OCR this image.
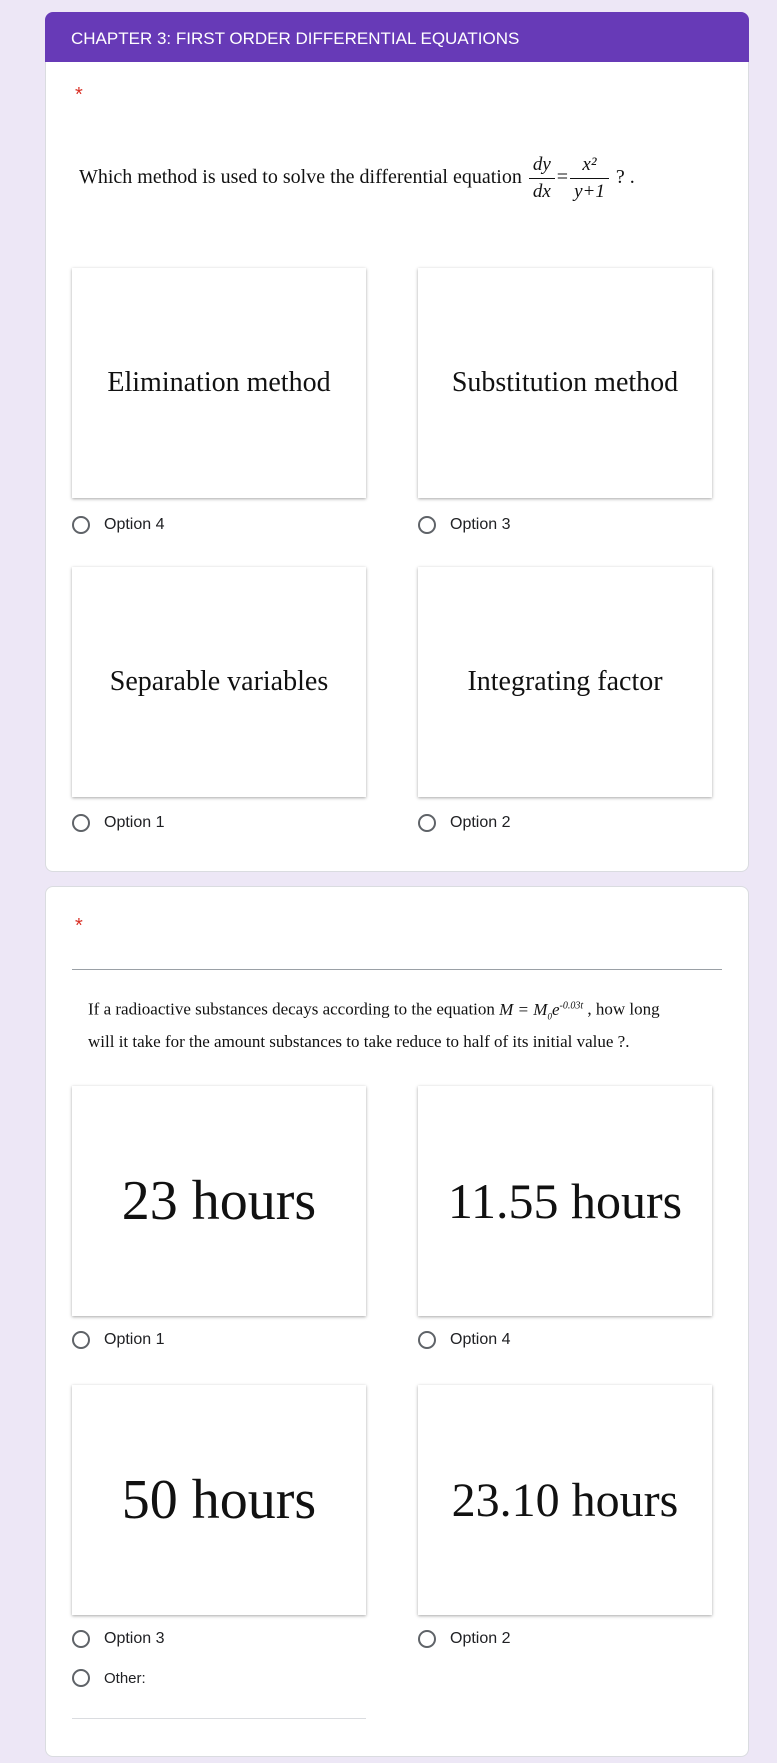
CHAPTER 3: FIRST ORDER DIFFERENTIAL EQUATIONS
*
Which method is used to solve the differential equation $\frac{dy}{dx} = \frac{\text{x²}}{y+1}$ ? .
Elimination method	Substitution method
Option 4	Option 3
Separable variables	Integrating factor
Option 1	Option 2
*
If a radioactive substances decays according to the equation $M = M_0e^{-0.03t}$ , how long
will it take for the amount substances to take reduce to half of its initial value ?.
23 hours	11.55 hours
Option 1	Option 4
50 hours	23.10 hours
Option 3	Option 2
Other:
